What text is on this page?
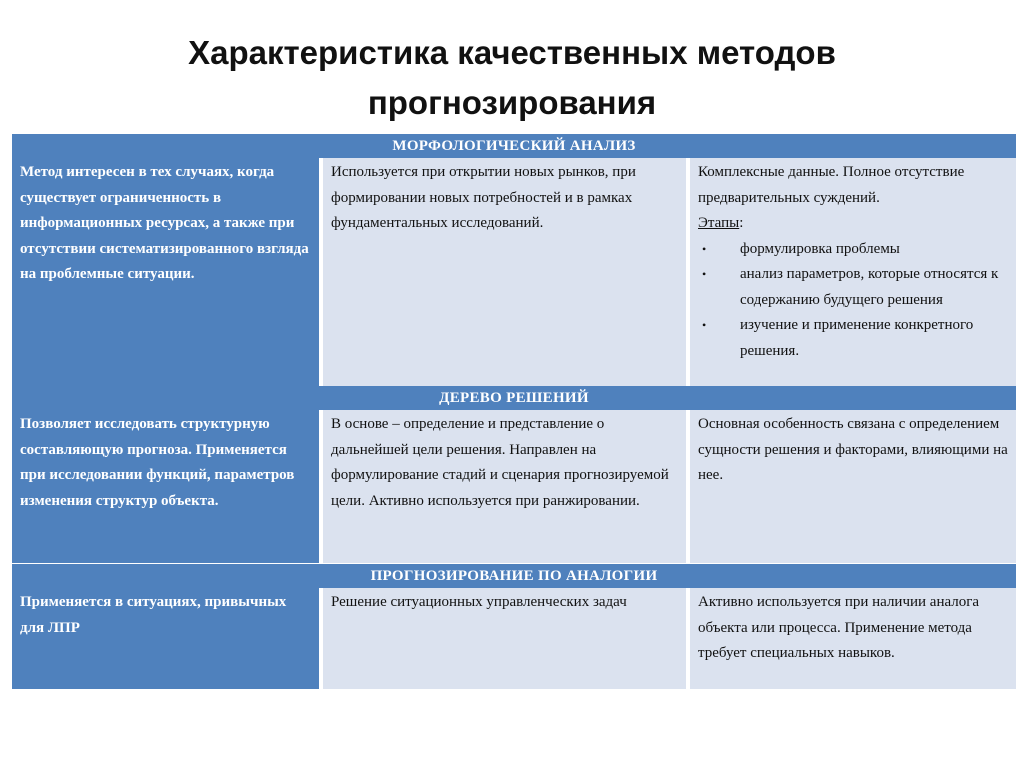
Характеристика качественных методов
прогнозирования
МОРФОЛОГИЧЕСКИЙ АНАЛИЗ
Метод интересен в тех случаях, когда существует ограниченность в информационных ресурсах, а также при отсутствии систематизированного взгляда на проблемные ситуации.
Используется при открытии новых рынков, при формировании новых потребностей и в рамках фундаментальных исследований.
Комплексные данные. Полное отсутствие предварительных суждений.
Этапы:
• формулировка проблемы
• анализ параметров, которые относятся к содержанию будущего решения
• изучение и применение конкретного решения.
ДЕРЕВО РЕШЕНИЙ
Позволяет исследовать структурную составляющую прогноза. Применяется при исследовании функций, параметров изменения структур объекта.
В основе – определение и представление о дальнейшей цели решения. Направлен на формулирование стадий и сценария прогнозируемой цели. Активно используется при ранжировании.
Основная особенность связана с определением сущности решения и факторами, влияющими на нее.
ПРОГНОЗИРОВАНИЕ ПО АНАЛОГИИ
Применяется в ситуациях, привычных для ЛПР
Решение ситуационных управленческих задач	Активно используется при наличии аналога объекта или процесса. Применение метода требует специальных навыков.
